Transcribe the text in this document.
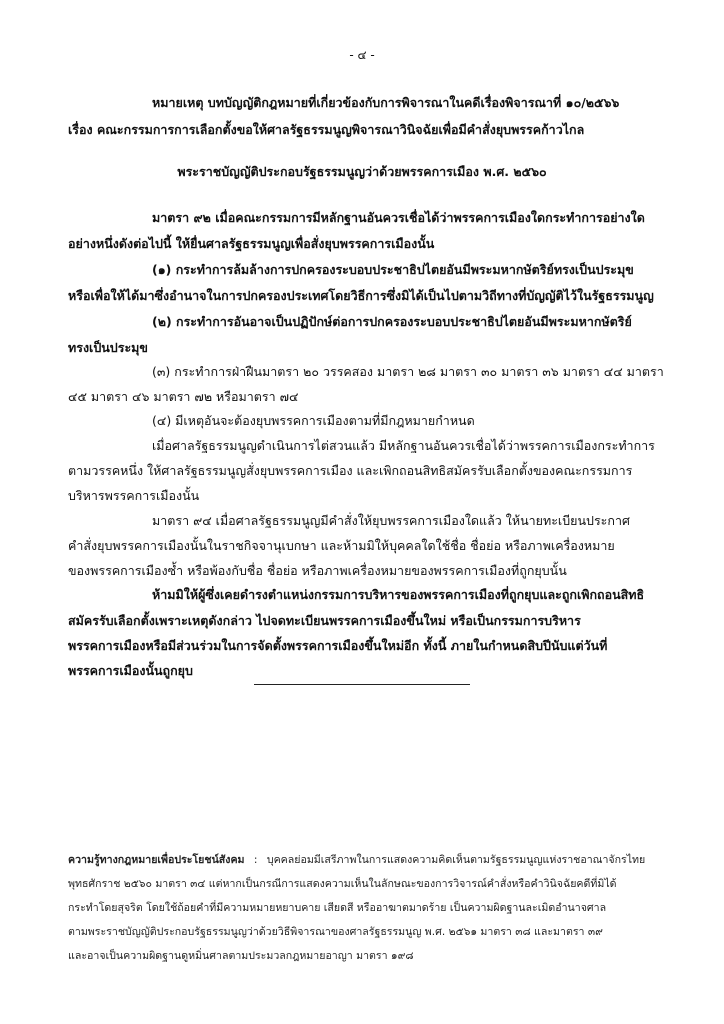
- ๔ -
หมายเหตุ บทบัญญัติกฎหมายที่เกี่ยวข้องกับการพิจารณาในคดีเรื่องพิจารณาที่ ๑๐/๒๕๖๖
เรื่อง คณะกรรมการการเลือกตั้งขอให้ศาลรัฐธรรมนูญพิจารณาวินิจฉัยเพื่อมีคำสั่งยุบพรรคก้าวไกล
พระราชบัญญัติประกอบรัฐธรรมนูญว่าด้วยพรรคการเมือง พ.ศ. ๒๕๖๐
มาตรา ๙๒ เมื่อคณะกรรมการมีหลักฐานอันควรเชื่อได้ว่าพรรคการเมืองใดกระทำการอย่างใด
อย่างหนึ่งดังต่อไปนี้ ให้ยื่นศาลรัฐธรรมนูญเพื่อสั่งยุบพรรคการเมืองนั้น
(๑) กระทำการล้มล้างการปกครองระบอบประชาธิปไตยอันมีพระมหากษัตริย์ทรงเป็นประมุข
หรือเพื่อให้ได้มาซึ่งอำนาจในการปกครองประเทศโดยวิธีการซึ่งมิได้เป็นไปตามวิถีทางที่บัญญัติไว้ในรัฐธรรมนูญ
(๒) กระทำการอันอาจเป็นปฏิปักษ์ต่อการปกครองระบอบประชาธิปไตยอันมีพระมหากษัตริย์
ทรงเป็นประมุข
(๓) กระทำการฝ่าฝืนมาตรา ๒๐ วรรคสอง มาตรา ๒๘ มาตรา ๓๐ มาตรา ๓๖ มาตรา ๔๔ มาตรา
๔๕ มาตรา ๔๖ มาตรา ๗๒ หรือมาตรา ๗๔
(๔) มีเหตุอันจะต้องยุบพรรคการเมืองตามที่มีกฎหมายกำหนด
เมื่อศาลรัฐธรรมนูญดำเนินการไต่สวนแล้ว มีหลักฐานอันควรเชื่อได้ว่าพรรคการเมืองกระทำการ
ตามวรรคหนึ่ง ให้ศาลรัฐธรรมนูญสั่งยุบพรรคการเมือง และเพิกถอนสิทธิสมัครรับเลือกตั้งของคณะกรรมการ
บริหารพรรคการเมืองนั้น
มาตรา ๙๔ เมื่อศาลรัฐธรรมนูญมีคำสั่งให้ยุบพรรคการเมืองใดแล้ว ให้นายทะเบียนประกาศ
คำสั่งยุบพรรคการเมืองนั้นในราชกิจจานุเบกษา และห้ามมิให้บุคคลใดใช้ชื่อ ชื่อย่อ หรือภาพเครื่องหมาย
ของพรรคการเมืองซ้ำ หรือพ้องกับชื่อ ชื่อย่อ หรือภาพเครื่องหมายของพรรคการเมืองที่ถูกยุบนั้น
ห้ามมิให้ผู้ซึ่งเคยดำรงตำแหน่งกรรมการบริหารของพรรคการเมืองที่ถูกยุบและถูกเพิกถอนสิทธิ
สมัครรับเลือกตั้งเพราะเหตุดังกล่าว ไปจดทะเบียนพรรคการเมืองขึ้นใหม่ หรือเป็นกรรมการบริหาร
พรรคการเมืองหรือมีส่วนร่วมในการจัดตั้งพรรคการเมืองขึ้นใหม่อีก ทั้งนี้ ภายในกำหนดสิบปีนับแต่วันที่
พรรคการเมืองนั้นถูกยุบ
ความรู้ทางกฎหมายเพื่อประโยชน์สังคม : บุคคลย่อมมีเสรีภาพในการแสดงความคิดเห็นตามรัฐธรรมนูญแห่งราชอาณาจักรไทย
พุทธศักราช ๒๕๖๐ มาตรา ๓๔ แต่หากเป็นกรณีการแสดงความเห็นในลักษณะของการวิจารณ์คำสั่งหรือคำวินิจฉัยคดีที่มิได้
กระทำโดยสุจริต โดยใช้ถ้อยคำที่มีความหมายหยาบคาย เสียดสี หรืออาฆาตมาดร้าย เป็นความผิดฐานละเมิดอำนาจศาล
ตามพระราชบัญญัติประกอบรัฐธรรมนูญว่าด้วยวิธีพิจารณาของศาลรัฐธรรมนูญ พ.ศ. ๒๕๖๑ มาตรา ๓๘ และมาตรา ๓๙
และอาจเป็นความผิดฐานดูหมิ่นศาลตามประมวลกฎหมายอาญา มาตรา ๑๙๘
